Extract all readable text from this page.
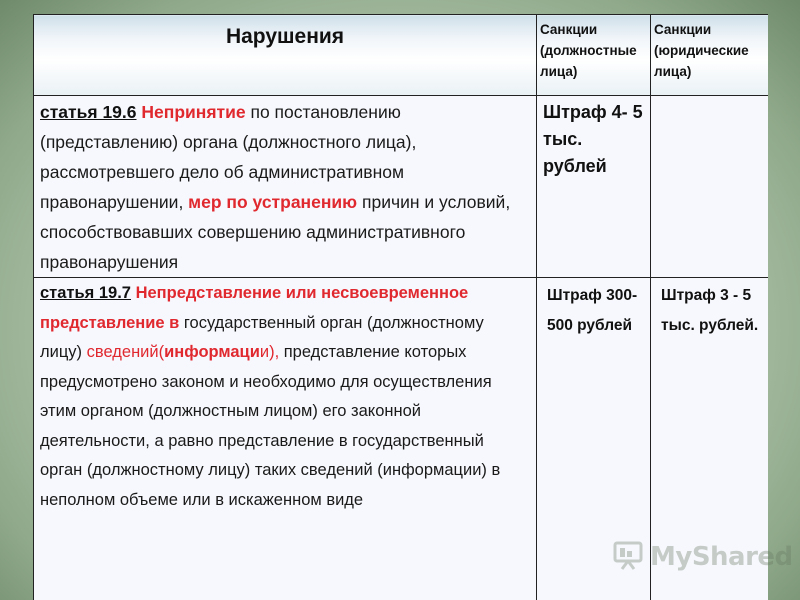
Нарушения	Санкции (должностные лица)	Санкции (юридические лица)

статья 19.6 Непринятие по постановлению (представлению) органа (должностного лица), рассмотревшего дело об административном правонарушении, мер по устранению причин и условий, способствовавших совершению административного правонарушения	Штраф 4- 5 тыс. рублей	

статья 19.7 Непредставление или несвоевременное представление в государственный орган (должностному лицу) сведений(информации), представление которых предусмотрено законом и необходимо для осуществления этим органом (должностным лицом) его законной деятельности, а равно представление в государственный орган (должностному лицу) таких сведений (информации) в неполном объеме или в искаженном виде	Штраф 300-500 рублей	Штраф 3 - 5 тыс. рублей.
MyShared
